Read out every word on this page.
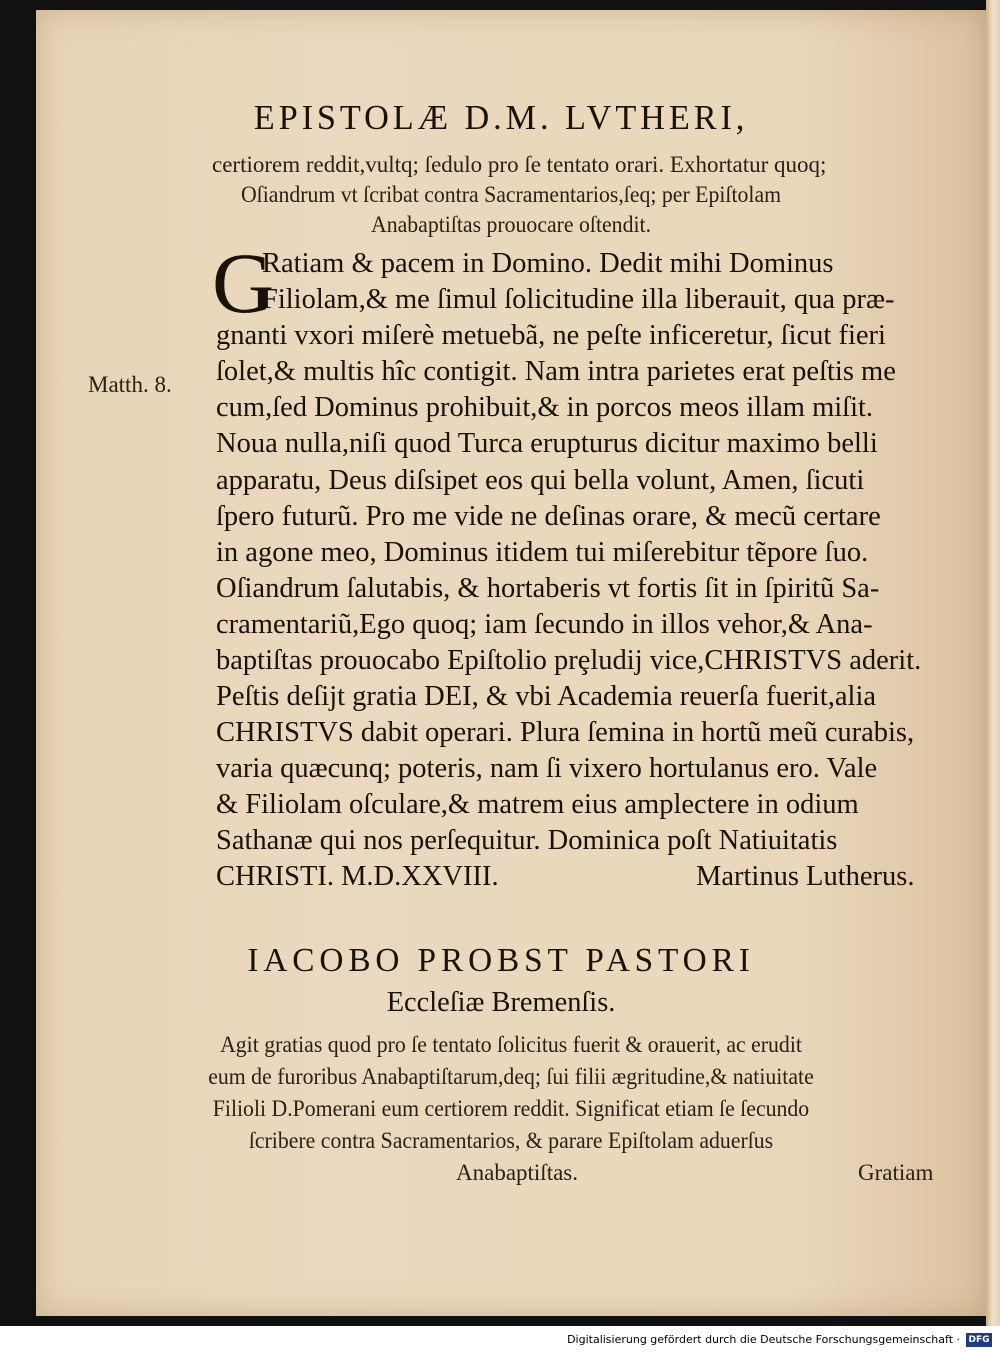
EPISTOLÆ D.M. LVTHERI,
certiorem reddit,vultq; ſedulo pro ſe tentato orari. Exhortatur quoq;
Oſiandrum vt ſcribat contra Sacramentarios,ſeq; per Epiſtolam
Anabaptiſtas prouocare oſtendit.
G
Matth. 8.
Ratiam & pacem in Domino. Dedit mihi Dominus
Filiolam,& me ſimul ſolicitudine illa liberauit, qua præ-
gnanti vxori miſerè metuebã, ne peſte inficeretur, ſicut fieri
ſolet,& multis hîc contigit. Nam intra parietes erat peſtis me
cum,ſed Dominus prohibuit,& in porcos meos illam miſit.
Noua nulla,niſi quod Turca erupturus dicitur maximo belli
apparatu, Deus diſsipet eos qui bella volunt, Amen, ſicuti
ſpero futurũ. Pro me vide ne deſinas orare, & mecũ certare
in agone meo, Dominus itidem tui miſerebitur tẽpore ſuo.
Oſiandrum ſalutabis, & hortaberis vt fortis ſit in ſpiritũ Sa-
cramentariũ,Ego quoq; iam ſecundo in illos vehor,& Ana-
baptiſtas prouocabo Epiſtolio prȩludij vice,CHRISTVS aderit.
Peſtis deſijt gratia DEI, & vbi Academia reuerſa fuerit,alia
CHRISTVS dabit operari. Plura ſemina in hortũ meũ curabis,
varia quæcunq; poteris, nam ſi vixero hortulanus ero. Vale
& Filiolam oſculare,& matrem eius amplectere in odium
Sathanæ qui nos perſequitur. Dominica poſt Natiuitatis
CHRISTI. M.D.XXVIII.	Martinus Lutherus.
IACOBO PROBST PASTORI
Eccleſiæ Bremenſis.
Agit gratias quod pro ſe tentato ſolicitus fuerit & orauerit, ac erudit
eum de furoribus Anabaptiſtarum,deq; ſui filii ægritudine,& natiuitate
Filioli D.Pomerani eum certiorem reddit. Significat etiam ſe ſecundo
ſcribere contra Sacramentarios, & parare Epiſtolam aduerſus
Anabaptiſtas.	Gratiam
Digitalisierung gefördert durch die Deutsche Forschungsgemeinschaft · DFG
